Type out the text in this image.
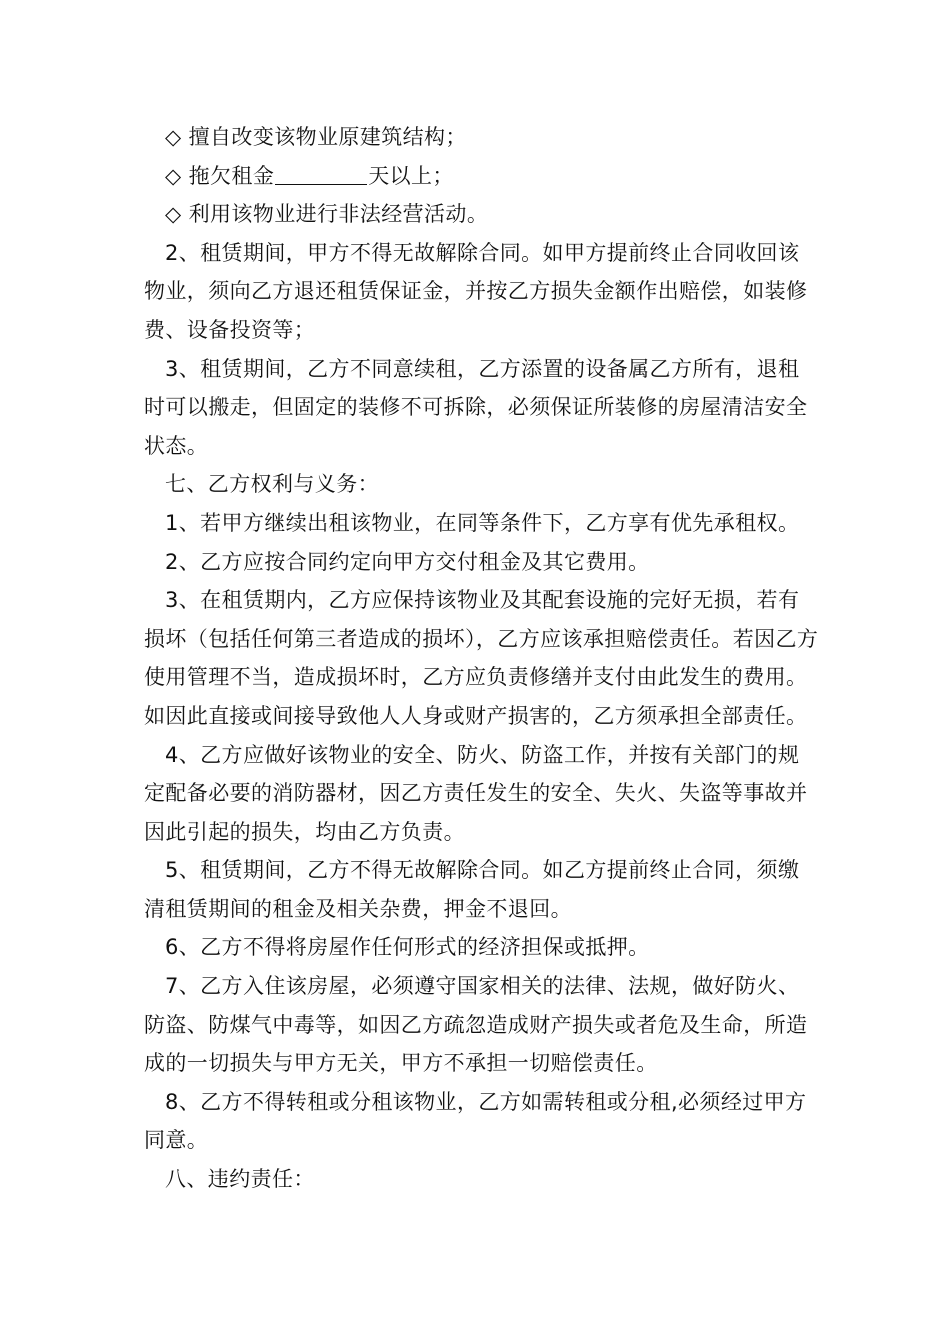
◇ 擅自改变该物业原建筑结构；

◇ 拖欠租金	天以上；

◇ 利用该物业进行非法经营活动。

2、租赁期间，甲方不得无故解除合同。如甲方提前终止合同收回该物业，须向乙方退还租赁保证金，并按乙方损失金额作出赔偿，如装修费、设备投资等；

3、租赁期间，乙方不同意续租，乙方添置的设备属乙方所有，退租时可以搬走，但固定的装修不可拆除，必须保证所装修的房屋清洁安全状态。

七、乙方权利与义务：

1、若甲方继续出租该物业，在同等条件下，乙方享有优先承租权。

2、乙方应按合同约定向甲方交付租金及其它费用。

3、在租赁期内，乙方应保持该物业及其配套设施的完好无损，若有损坏（包括任何第三者造成的损坏），乙方应该承担赔偿责任。若因乙方使用管理不当，造成损坏时，乙方应负责修缮并支付由此发生的费用。如因此直接或间接导致他人人身或财产损害的，乙方须承担全部责任。

4、乙方应做好该物业的安全、防火、防盗工作，并按有关部门的规定配备必要的消防器材，因乙方责任发生的安全、失火、失盗等事故并因此引起的损失，均由乙方负责。

5、租赁期间，乙方不得无故解除合同。如乙方提前终止合同，须缴清租赁期间的租金及相关杂费，押金不退回。

6、乙方不得将房屋作任何形式的经济担保或抵押。

7、乙方入住该房屋，必须遵守国家相关的法律、法规，做好防火、防盗、防煤气中毒等，如因乙方疏忽造成财产损失或者危及生命，所造成的一切损失与甲方无关，甲方不承担一切赔偿责任。

8、乙方不得转租或分租该物业，乙方如需转租或分租,必须经过甲方同意。

八、违约责任：
